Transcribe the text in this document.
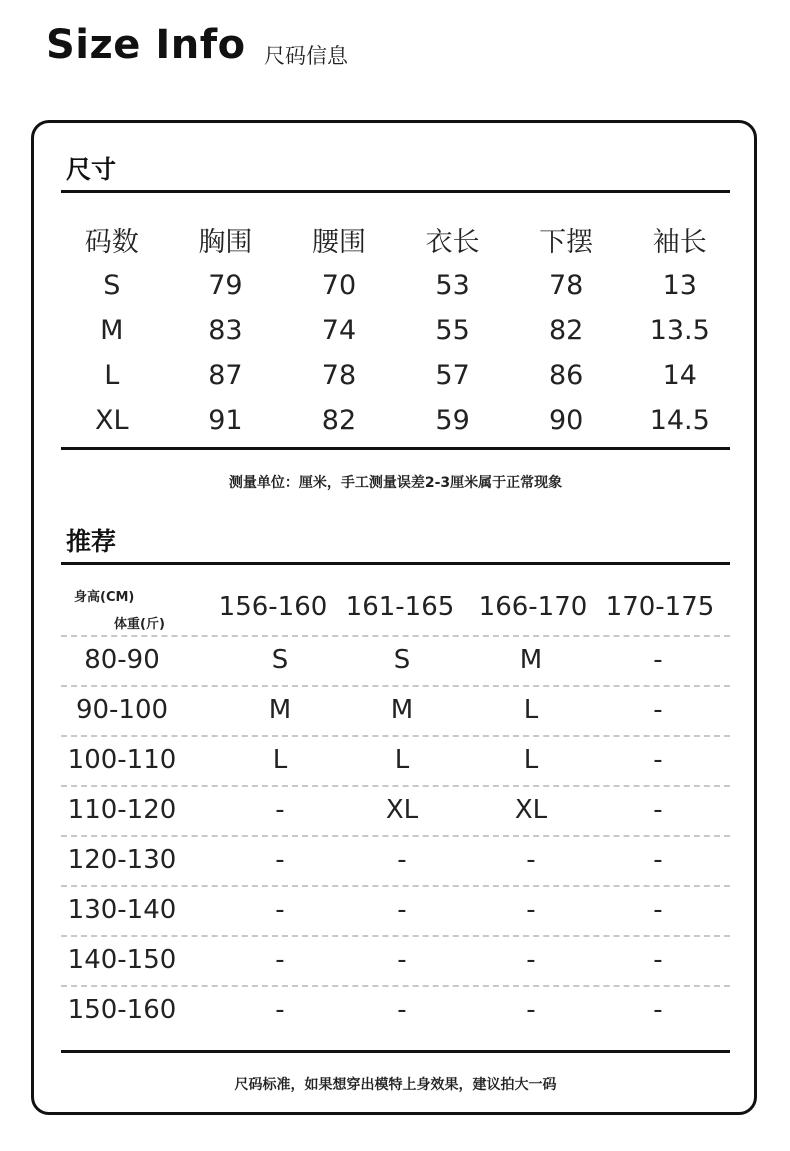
Size Info 尺码信息
尺寸
码数	胸围	腰围	衣长	下摆	袖长
S	79	70	53	78	13
M	83	74	55	82	13.5
L	87	78	57	86	14
XL	91	82	59	90	14.5
测量单位：厘米，手工测量误差2-3厘米属于正常现象
推荐
身高(CM)
体重(斤)
156-160 161-165 166-170 170-175
80-90	S	S	M	-
90-100	M	M	L	-
100-110	L	L	L	-
110-120	-	XL	XL	-
120-130	-	-	-	-
130-140	-	-	-	-
140-150	-	-	-	-
150-160	-	-	-	-
尺码标准，如果想穿出模特上身效果，建议拍大一码
